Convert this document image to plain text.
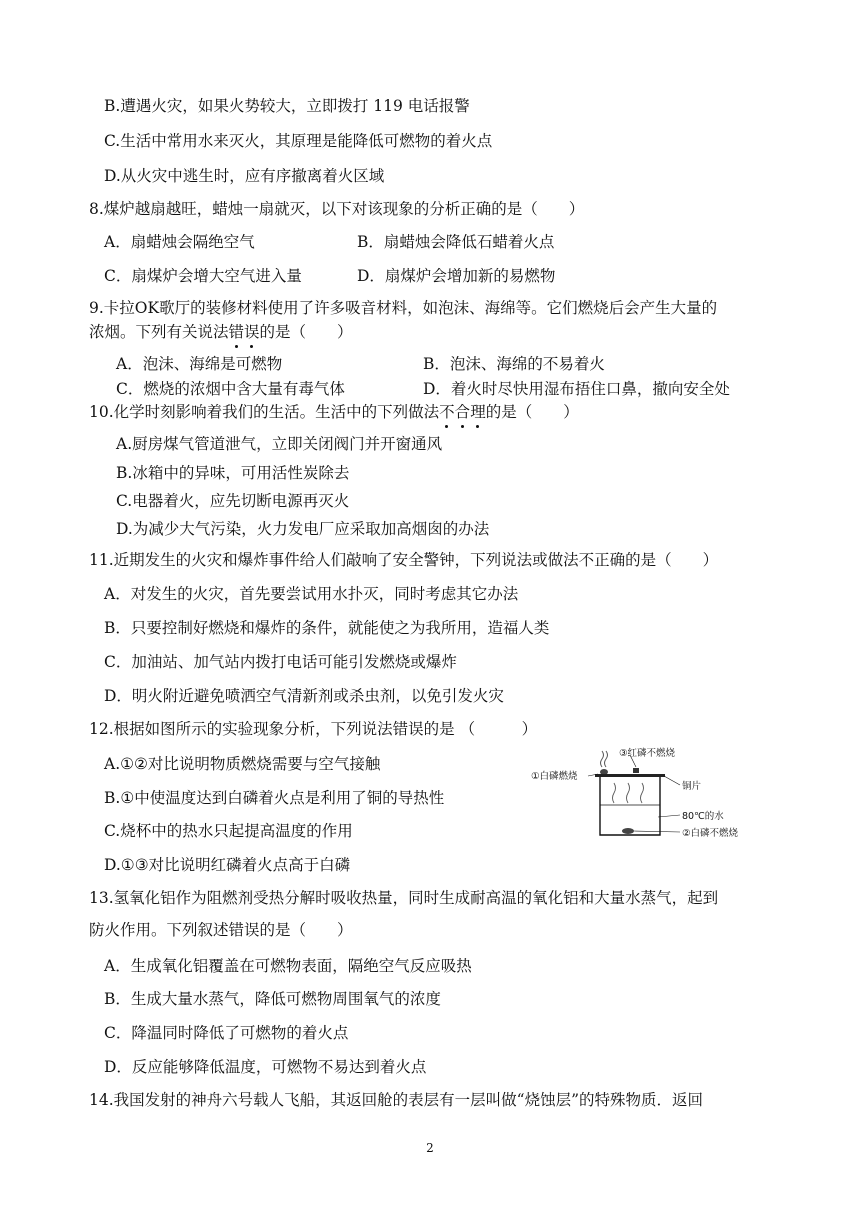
B.遭遇火灾，如果火势较大，立即拨打 119 电话报警
C.生活中常用水来灭火，其原理是能降低可燃物的着火点
D.从火灾中逃生时，应有序撤离着火区域
8.煤炉越扇越旺，蜡烛一扇就灭，以下对该现象的分析正确的是（　　）
A．扇蜡烛会隔绝空气	B．扇蜡烛会降低石蜡着火点
C．扇煤炉会增大空气进入量	D．扇煤炉会增加新的易燃物
9.卡拉OK歌厅的装修材料使用了许多吸音材料，如泡沫、海绵等。它们燃烧后会产生大量的
浓烟。下列有关说法错误的是（　　）
A．泡沫、海绵是可燃物	B．泡沫、海绵的不易着火
C．燃烧的浓烟中含大量有毒气体	D．着火时尽快用湿布捂住口鼻，撤向安全处
10.化学时刻影响着我们的生活。生活中的下列做法不合理的是（　　）
A.厨房煤气管道泄气，立即关闭阀门并开窗通风
B.冰箱中的异味，可用活性炭除去
C.电器着火，应先切断电源再灭火
D.为减少大气污染，火力发电厂应采取加高烟囱的办法
11.近期发生的火灾和爆炸事件给人们敲响了安全警钟，下列说法或做法不正确的是（　　）
A．对发生的火灾，首先要尝试用水扑灭，同时考虑其它办法
B．只要控制好燃烧和爆炸的条件，就能使之为我所用，造福人类
C．加油站、加气站内拨打电话可能引发燃烧或爆炸
D．明火附近避免喷洒空气清新剂或杀虫剂，以免引发火灾
12.根据如图所示的实验现象分析，下列说法错误的是 （　　　）
A.①②对比说明物质燃烧需要与空气接触
B.①中使温度达到白磷着火点是利用了铜的导热性
C.烧杯中的热水只起提高温度的作用
D.①③对比说明红磷着火点高于白磷
①白磷燃烧
③红磷不燃烧
铜片
80℃的水
②白磷不燃烧
13.氢氧化铝作为阻燃剂受热分解时吸收热量，同时生成耐高温的氧化铝和大量水蒸气，起到
防火作用。下列叙述错误的是（　　）
A．生成氧化铝覆盖在可燃物表面，隔绝空气反应吸热
B．生成大量水蒸气，降低可燃物周围氧气的浓度
C．降温同时降低了可燃物的着火点
D．反应能够降低温度，可燃物不易达到着火点
14.我国发射的神舟六号载人飞船，其返回舱的表层有一层叫做“烧蚀层”的特殊物质．返回
2
